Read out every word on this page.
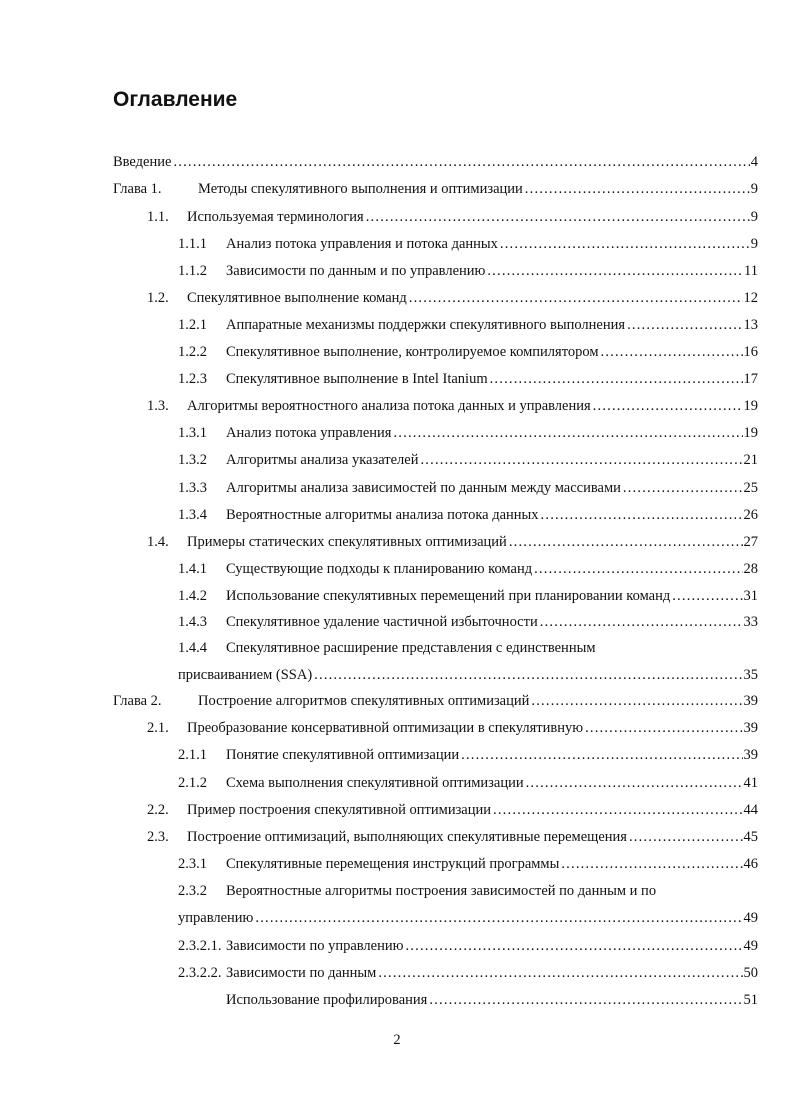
Оглавление
Введение .....	4
Глава 1.	Методы спекулятивного выполнения и оптимизации .....	9
1.1. Используемая терминология .....	9
1.1.1 Анализ потока управления и потока данных .....	9
1.1.2 Зависимости по данным и по управлению .....	11
1.2. Спекулятивное выполнение команд .....	12
1.2.1 Аппаратные механизмы поддержки спекулятивного выполнения .....	13
1.2.2 Спекулятивное выполнение, контролируемое компилятором .....	16
1.2.3 Спекулятивное выполнение в Intel Itanium .....	17
1.3. Алгоритмы вероятностного анализа потока данных и управления .....	19
1.3.1 Анализ потока управления .....	19
1.3.2 Алгоритмы анализа указателей .....	21
1.3.3 Алгоритмы анализа зависимостей по данным между массивами .....	25
1.3.4 Вероятностные алгоритмы анализа потока данных .....	26
1.4. Примеры статических спекулятивных оптимизаций .....	27
1.4.1 Существующие подходы к планированию команд .....	28
1.4.2 Использование спекулятивных перемещений при планировании команд .....	31
1.4.3 Спекулятивное удаление частичной избыточности .....	33
1.4.4 Спекулятивное расширение представления с единственным
присваиванием (SSA) .....	35
Глава 2.	Построение алгоритмов спекулятивных оптимизаций .....	39
2.1. Преобразование консервативной оптимизации в спекулятивную .....	39
2.1.1 Понятие спекулятивной оптимизации .....	39
2.1.2 Схема выполнения спекулятивной оптимизации .....	41
2.2. Пример построения спекулятивной оптимизации .....	44
2.3. Построение оптимизаций, выполняющих спекулятивные перемещения .....	45
2.3.1 Спекулятивные перемещения инструкций программы .....	46
2.3.2 Вероятностные алгоритмы построения зависимостей по данным и по
управлению .....	49
2.3.2.1. Зависимости по управлению .....	49
2.3.2.2. Зависимости по данным .....	50
Использование профилирования .....	51
2
